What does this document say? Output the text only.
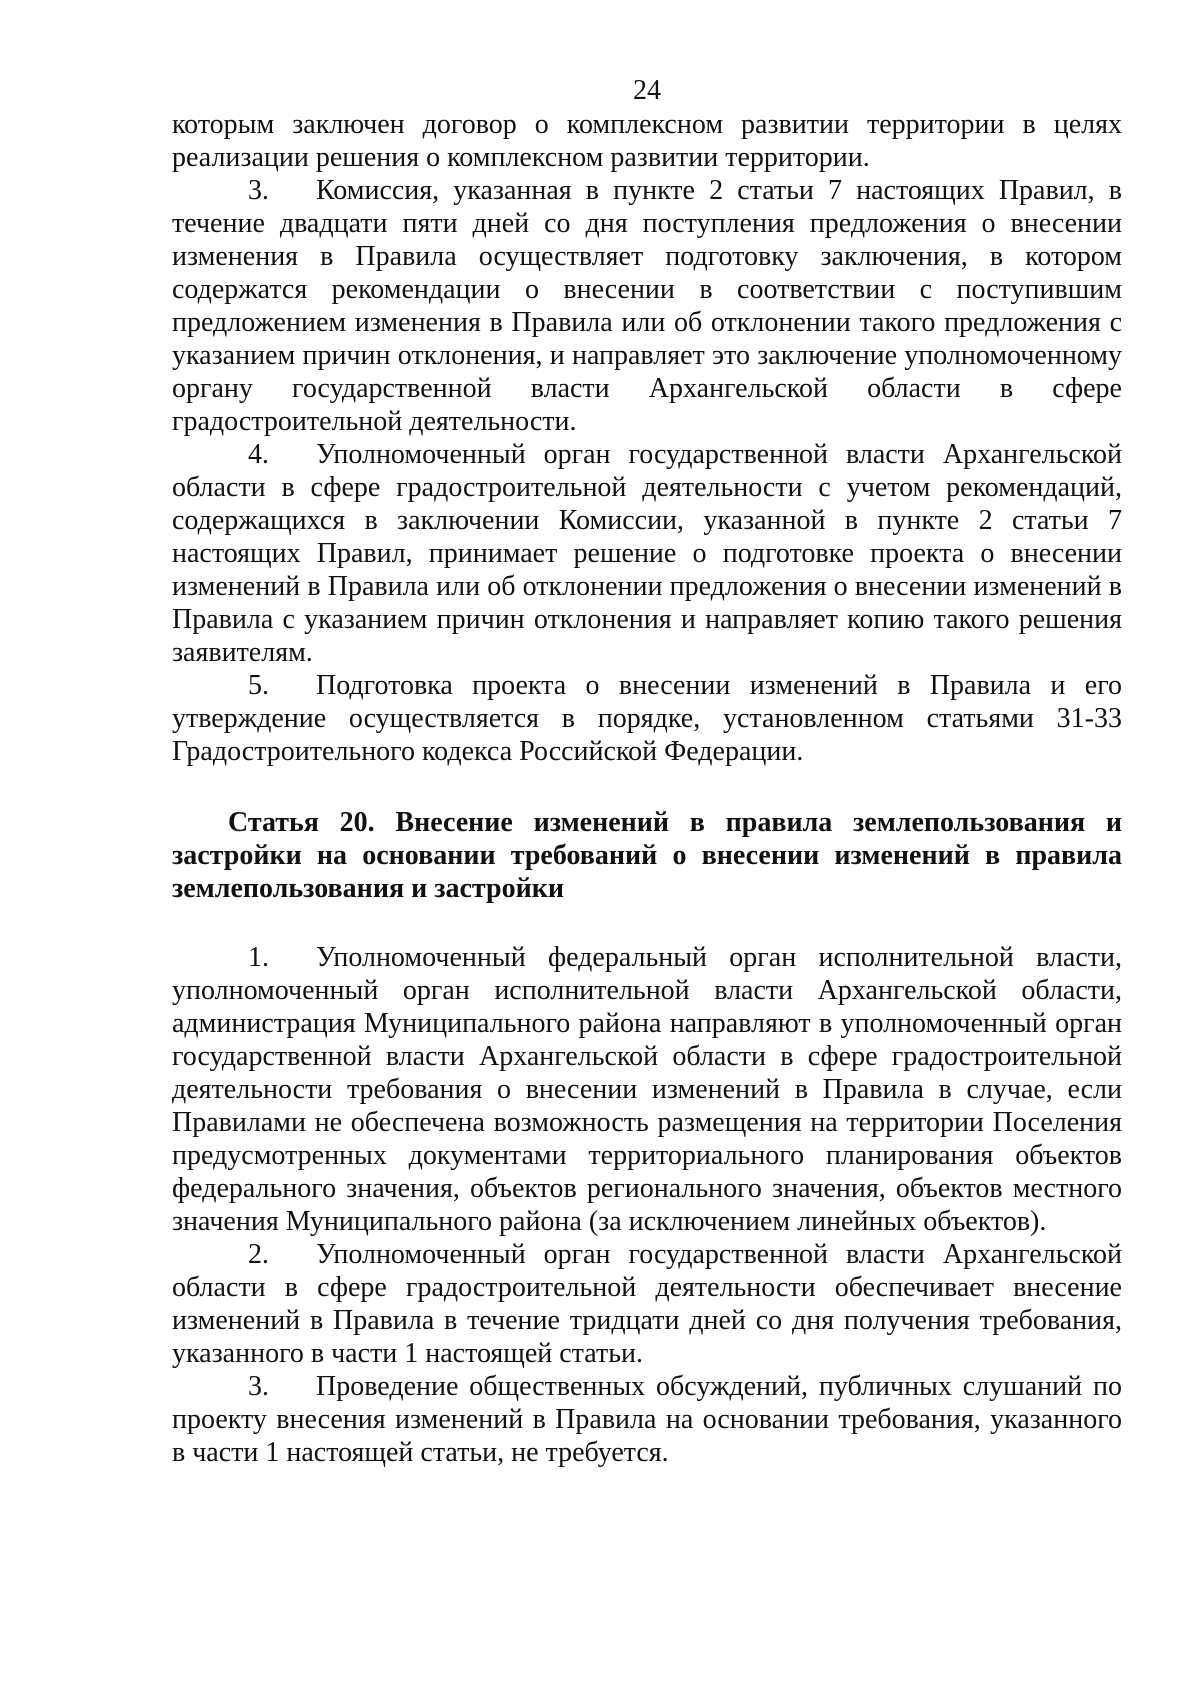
24

которым заключен договор о комплексном развитии территории в целях реализации решения о комплексном развитии территории.

3. Комиссия, указанная в пункте 2 статьи 7 настоящих Правил, в течение двадцати пяти дней со дня поступления предложения о внесении изменения в Правила осуществляет подготовку заключения, в котором содержатся рекомендации о внесении в соответствии с поступившим предложением изменения в Правила или об отклонении такого предложения с указанием причин отклонения, и направляет это заключение уполномоченному органу государственной власти Архангельской области в сфере градостроительной деятельности.

4. Уполномоченный орган государственной власти Архангельской области в сфере градостроительной деятельности с учетом рекомендаций, содержащихся в заключении Комиссии, указанной в пункте 2 статьи 7 настоящих Правил, принимает решение о подготовке проекта о внесении изменений в Правила или об отклонении предложения о внесении изменений в Правила с указанием причин отклонения и направляет копию такого решения заявителям.

5. Подготовка проекта о внесении изменений в Правила и его утверждение осуществляется в порядке, установленном статьями 31-33 Градостроительного кодекса Российской Федерации.

Статья 20. Внесение изменений в правила землепользования и застройки на основании требований о внесении изменений в правила землепользования и застройки

1. Уполномоченный федеральный орган исполнительной власти, уполномоченный орган исполнительной власти Архангельской области, администрация Муниципального района направляют в уполномоченный орган государственной власти Архангельской области в сфере градостроительной деятельности требования о внесении изменений в Правила в случае, если Правилами не обеспечена возможность размещения на территории Поселения предусмотренных документами территориального планирования объектов федерального значения, объектов регионального значения, объектов местного значения Муниципального района (за исключением линейных объектов).

2. Уполномоченный орган государственной власти Архангельской области в сфере градостроительной деятельности обеспечивает внесение изменений в Правила в течение тридцати дней со дня получения требования, указанного в части 1 настоящей статьи.

3. Проведение общественных обсуждений, публичных слушаний по проекту внесения изменений в Правила на основании требования, указанного в части 1 настоящей статьи, не требуется.
